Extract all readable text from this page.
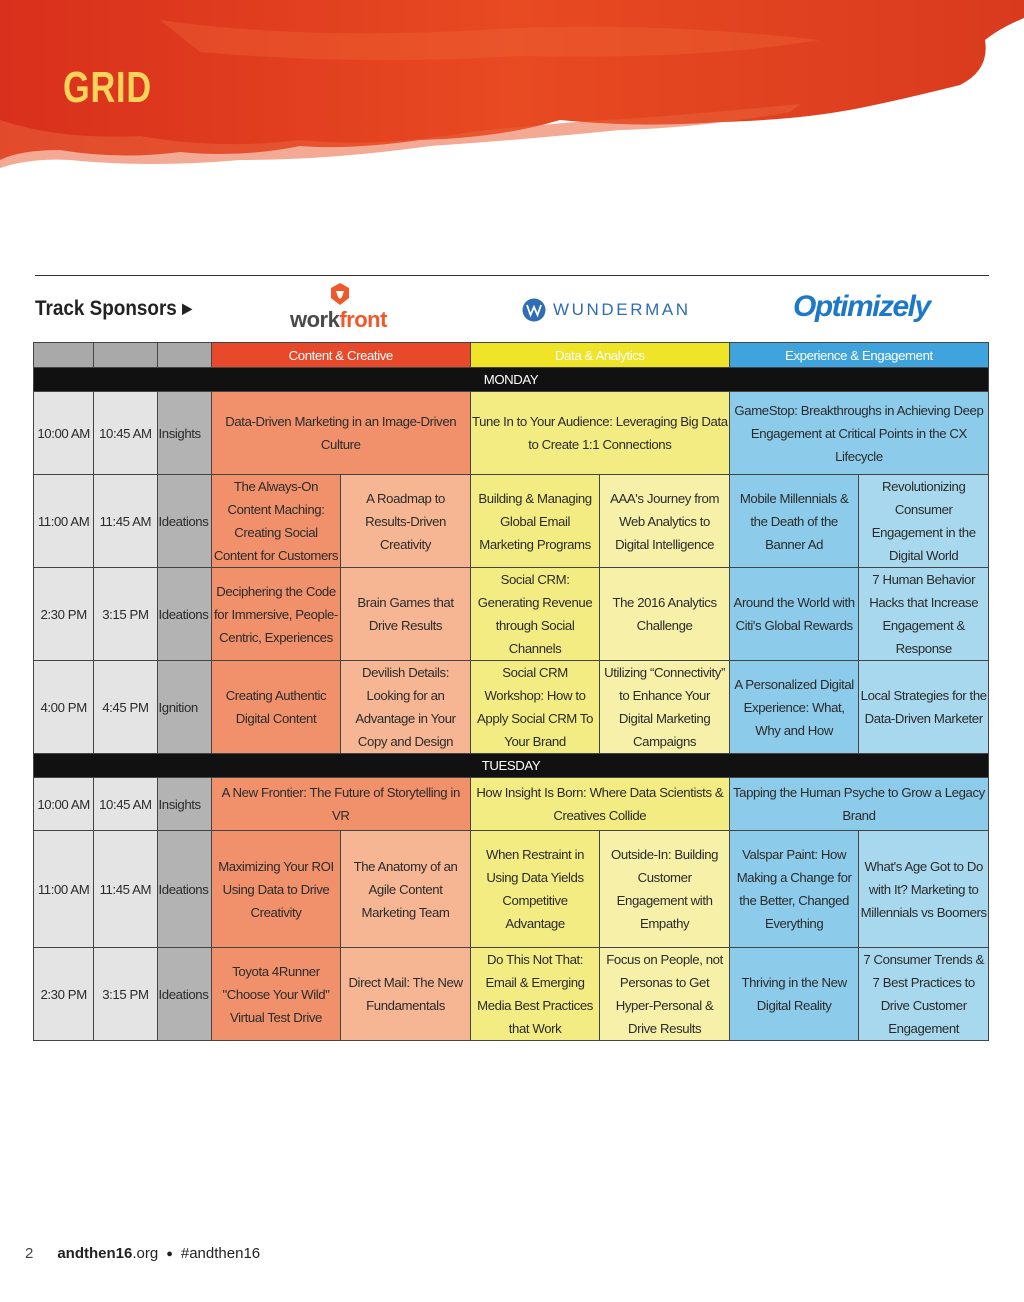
GRID
Track Sponsors ▶	workfront	WUNDERMAN	Optimizely
			Content & Creative		Data & Analytics		Experience & Engagement	
MONDAY								
10:00 AM	10:45 AM	Insights	Data-Driven Marketing in an Image-Driven Culture		Tune In to Your Audience: Leveraging Big Data to Create 1:1 Connections		GameStop: Breakthroughs in Achieving Deep Engagement at Critical Points in the CX Lifecycle	
11:00 AM	11:45 AM	Ideations	The Always-On Content Maching: Creating Social Content for Customers	A Roadmap to Results-Driven Creativity	Building & Managing Global Email Marketing Programs	AAA's Journey from Web Analytics to Digital Intelligence	Mobile Millennials & the Death of the Banner Ad	Revolutionizing Consumer Engagement in the Digital World
2:30 PM	3:15 PM	Ideations	Deciphering the Code for Immersive, People-Centric, Experiences	Brain Games that Drive Results	Social CRM: Generating Revenue through Social Channels	The 2016 Analytics Challenge	Around the World with Citi's Global Rewards	7 Human Behavior Hacks that Increase Engagement & Response
4:00 PM	4:45 PM	Ignition	Creating Authentic Digital Content	Devilish Details: Looking for an Advantage in Your Copy and Design	Social CRM Workshop: How to Apply Social CRM To Your Brand	Utilizing “Connectivity” to Enhance Your Digital Marketing Campaigns	A Personalized Digital Experience: What, Why and How	Local Strategies for the Data-Driven Marketer
TUESDAY								
10:00 AM	10:45 AM	Insights	A New Frontier: The Future of Storytelling in VR		How Insight Is Born: Where Data Scientists & Creatives Collide		Tapping the Human Psyche to Grow a Legacy Brand	
11:00 AM	11:45 AM	Ideations	Maximizing Your ROI Using Data to Drive Creativity	The Anatomy of an Agile Content Marketing Team	When Restraint in Using Data Yields Competitive Advantage	Outside-In: Building Customer Engagement with Empathy	Valspar Paint: How Making a Change for the Better, Changed Everything	What's Age Got to Do with It? Marketing to Millennials vs Boomers
2:30 PM	3:15 PM	Ideations	Toyota 4Runner "Choose Your Wild" Virtual Test Drive	Direct Mail: The New Fundamentals	Do This Not That: Email & Emerging Media Best Practices that Work	Focus on People, not Personas to Get Hyper-Personal & Drive Results	Thriving in the New Digital Reality	7 Consumer Trends & 7 Best Practices to Drive Customer Engagement
2 andthen16.org ● #andthen16
